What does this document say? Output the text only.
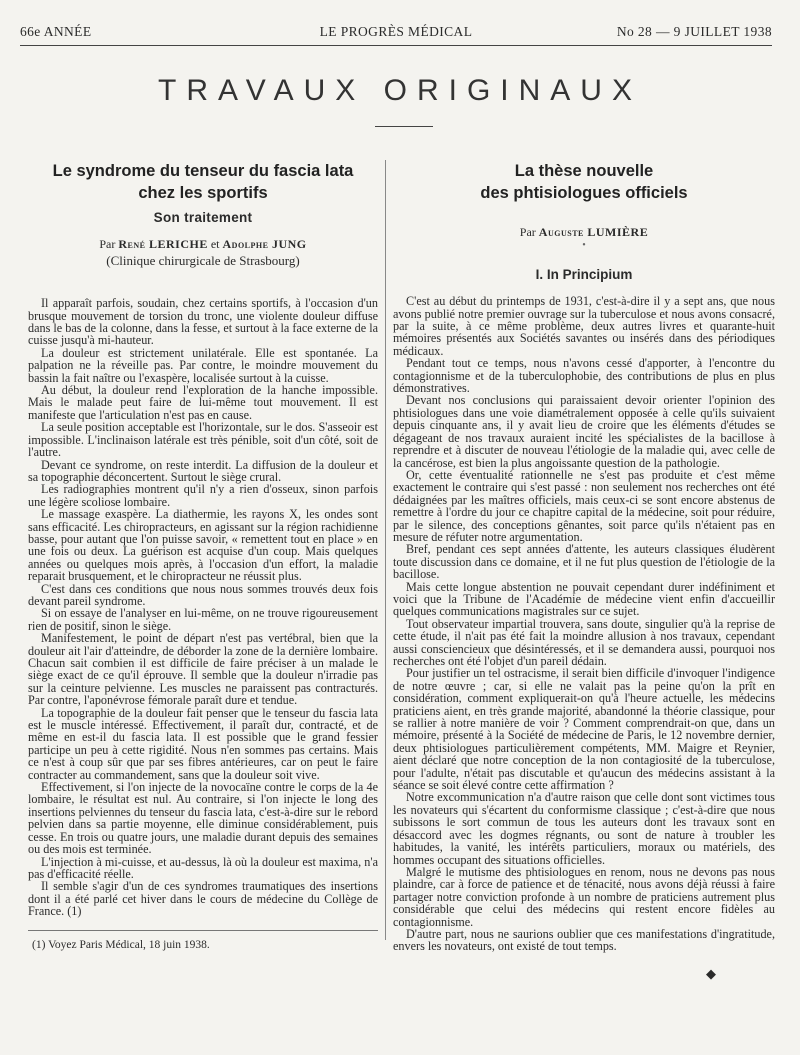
66e ANNÉE	LE PROGRÈS MÉDICAL	No 28 — 9 JUILLET 1938
TRAVAUX ORIGINAUX
Le syndrome du tenseur du fascia lata
chez les sportifs
Son traitement
Par René LERICHE et Adolphe JUNG
(Clinique chirurgicale de Strasbourg)

Il apparaît parfois, soudain, chez certains sportifs, à l'occasion d'un brusque mouvement de torsion du tronc, une violente douleur diffuse dans le bas de la colonne, dans la fesse, et surtout à la face externe de la cuisse jusqu'à mi-hauteur.

La douleur est strictement unilatérale. Elle est spontanée. La palpation ne la réveille pas. Par contre, le moindre mouvement du bassin la fait naître ou l'exaspère, localisée surtout à la cuisse.

Au début, la douleur rend l'exploration de la hanche impossible. Mais le malade peut faire de lui-même tout mouvement. Il est manifeste que l'articulation n'est pas en cause.

La seule position acceptable est l'horizontale, sur le dos. S'asseoir est impossible. L'inclinaison latérale est très pénible, soit d'un côté, soit de l'autre.

Devant ce syndrome, on reste interdit. La diffusion de la douleur et sa topographie déconcertent. Surtout le siège crural.

Les radiographies montrent qu'il n'y a rien d'osseux, sinon parfois une légère scoliose lombaire.

Le massage exaspère. La diathermie, les rayons X, les ondes sont sans efficacité. Les chiropracteurs, en agissant sur la région rachidienne basse, pour autant que l'on puisse savoir, « remettent tout en place » en une fois ou deux. La guérison est acquise d'un coup. Mais quelques années ou quelques mois après, à l'occasion d'un effort, la maladie reparait brusquement, et le chiropracteur ne réussit plus.

C'est dans ces conditions que nous nous sommes trouvés deux fois devant pareil syndrome.

Si on essaye de l'analyser en lui-même, on ne trouve rigoureusement rien de positif, sinon le siège.

Manifestement, le point de départ n'est pas vertébral, bien que la douleur ait l'air d'atteindre, de déborder la zone de la dernière lombaire. Chacun sait combien il est difficile de faire préciser à un malade le siège exact de ce qu'il éprouve. Il semble que la douleur n'irradie pas sur la ceinture pelvienne. Les muscles ne paraissent pas contracturés. Par contre, l'aponévrose fémorale paraît dure et tendue.

La topographie de la douleur fait penser que le tenseur du fascia lata est le muscle intéressé. Effectivement, il paraît dur, contracté, et de même en est-il du fascia lata. Il est possible que le grand fessier participe un peu à cette rigidité. Nous n'en sommes pas certains. Mais ce n'est à coup sûr que par ses fibres antérieures, car on peut le faire contracter au commandement, sans que la douleur soit vive.

Effectivement, si l'on injecte de la novocaïne contre le corps de la 4e lombaire, le résultat est nul. Au contraire, si l'on injecte le long des insertions pelviennes du tenseur du fascia lata, c'est-à-dire sur le rebord pelvien dans sa partie moyenne, elle diminue considérablement, puis cesse. En trois ou quatre jours, une maladie durant depuis des semaines ou des mois est terminée.

L'injection à mi-cuisse, et au-dessus, là où la douleur est maxima, n'a pas d'efficacité réelle.

Il semble s'agir d'un de ces syndromes traumatiques des insertions dont il a été parlé cet hiver dans le cours de médecine du Collège de France. (1)

(1) Voyez Paris Médical, 18 juin 1938.
La thèse nouvelle
des phtisiologues officiels
Par Auguste LUMIÈRE
•
I. In Principium

C'est au début du printemps de 1931, c'est-à-dire il y a sept ans, que nous avons publié notre premier ouvrage sur la tuberculose et nous avons consacré, par la suite, à ce même problème, deux autres livres et quarante-huit mémoires présentés aux Sociétés savantes ou insérés dans des périodiques médicaux.

Pendant tout ce temps, nous n'avons cessé d'apporter, à l'encontre du contagionnisme et de la tuberculophobie, des contributions de plus en plus démonstratives.

Devant nos conclusions qui paraissaient devoir orienter l'opinion des phtisiologues dans une voie diamétralement opposée à celle qu'ils suivaient depuis cinquante ans, il y avait lieu de croire que les éléments d'études se dégageant de nos travaux auraient incité les spécialistes de la bacillose à reprendre et à discuter de nouveau l'étiologie de la maladie qui, avec celle de la cancérose, est bien la plus angoissante question de la pathologie.

Or, cette éventualité rationnelle ne s'est pas produite et c'est même exactement le contraire qui s'est passé : non seulement nos recherches ont été dédaignées par les maîtres officiels, mais ceux-ci se sont encore abstenus de remettre à l'ordre du jour ce chapitre capital de la médecine, soit pour réduire, par le silence, des conceptions gênantes, soit parce qu'ils n'étaient pas en mesure de réfuter notre argumentation.

Bref, pendant ces sept années d'attente, les auteurs classiques éludèrent toute discussion dans ce domaine, et il ne fut plus question de l'étiologie de la bacillose.

Mais cette longue abstention ne pouvait cependant durer indéfiniment et voici que la Tribune de l'Académie de médecine vient enfin d'accueillir quelques communications magistrales sur ce sujet.

Tout observateur impartial trouvera, sans doute, singulier qu'à la reprise de cette étude, il n'ait pas été fait la moindre allusion à nos travaux, cependant aussi consciencieux que désintéressés, et il se demandera aussi, pourquoi nos recherches ont été l'objet d'un pareil dédain.

Pour justifier un tel ostracisme, il serait bien difficile d'invoquer l'indigence de notre œuvre ; car, si elle ne valait pas la peine qu'on la prît en considération, comment expliquerait-on qu'à l'heure actuelle, les médecins praticiens aient, en très grande majorité, abandonné la théorie classique, pour se rallier à notre manière de voir ? Comment comprendrait-on que, dans un mémoire, présenté à la Société de médecine de Paris, le 12 novembre dernier, deux phtisiologues particulièrement compétents, MM. Maigre et Reynier, aient déclaré que notre conception de la non contagiosité de la tuberculose, pour l'adulte, n'était pas discutable et qu'aucun des médecins assistant à la séance se soit élevé contre cette affirmation ?

Notre excommunication n'a d'autre raison que celle dont sont victimes tous les novateurs qui s'écartent du conformisme classique ; c'est-à-dire que nous subissons le sort commun de tous les auteurs dont les travaux sont en désaccord avec les dogmes régnants, ou sont de nature à troubler les habitudes, la vanité, les intérêts particuliers, moraux ou matériels, des hommes occupant des situations officielles.

Malgré le mutisme des phtisiologues en renom, nous ne devons pas nous plaindre, car à force de patience et de ténacité, nous avons déjà réussi à faire partager notre conviction profonde à un nombre de praticiens autrement plus considérable que celui des médecins qui restent encore fidèles au contagionnisme.

D'autre part, nous ne saurions oublier que ces manifestations d'ingratitude, envers les novateurs, ont existé de tout temps.

◆
